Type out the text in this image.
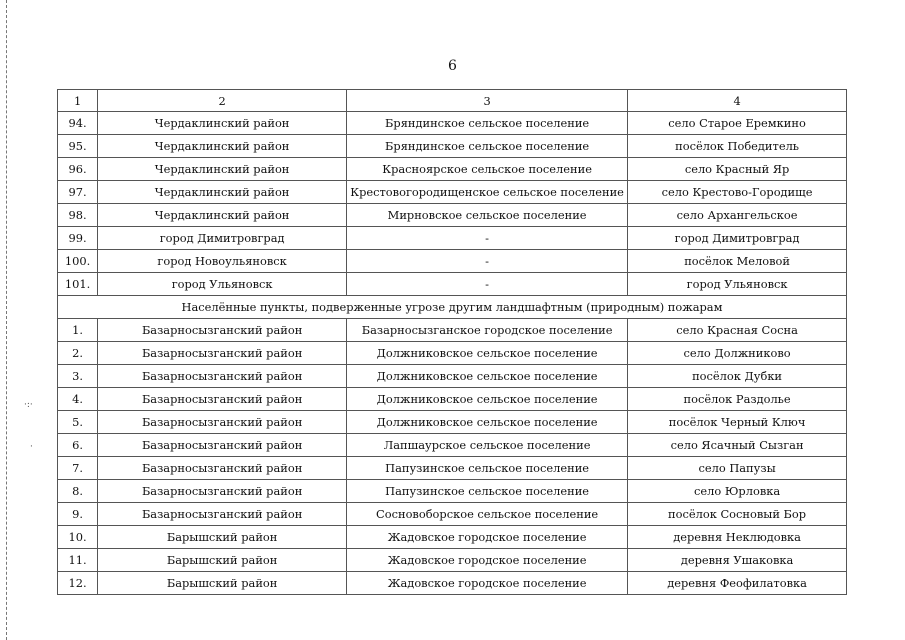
·:·
·
6
1	2	3	4
94.	Чердаклинский район	Бряндинское сельское поселение	село Старое Еремкино
95.	Чердаклинский район	Бряндинское сельское поселение	посёлок Победитель
96.	Чердаклинский район	Красноярское сельское поселение	село Красный Яр
97.	Чердаклинский район	Крестовогородищенское сельское поселение	село Крестово-Городище
98.	Чердаклинский район	Мирновское сельское поселение	село Архангельское
99.	город Димитровград	-	город Димитровград
100.	город Новоульяновск	-	посёлок Меловой
101.	город Ульяновск	-	город Ульяновск
Населённые пункты, подверженные угрозе другим ландшафтным (природным) пожарам			
1.	Базарносызганский район	Базарносызганское городское поселение	село Красная Сосна
2.	Базарносызганский район	Должниковское сельское поселение	село Должниково
3.	Базарносызганский район	Должниковское сельское поселение	посёлок Дубки
4.	Базарносызганский район	Должниковское сельское поселение	посёлок Раздолье
5.	Базарносызганский район	Должниковское сельское поселение	посёлок Черный Ключ
6.	Базарносызганский район	Лапшаурское сельское поселение	село Ясачный Сызган
7.	Базарносызганский район	Папузинское сельское поселение	село Папузы
8.	Базарносызганский район	Папузинское сельское поселение	село Юрловка
9.	Базарносызганский район	Сосновоборское сельское поселение	посёлок Сосновый Бор
10.	Барышский район	Жадовское городское поселение	деревня Неклюдовка
11.	Барышский район	Жадовское городское поселение	деревня Ушаковка
12.	Барышский район	Жадовское городское поселение	деревня Феофилатовка
